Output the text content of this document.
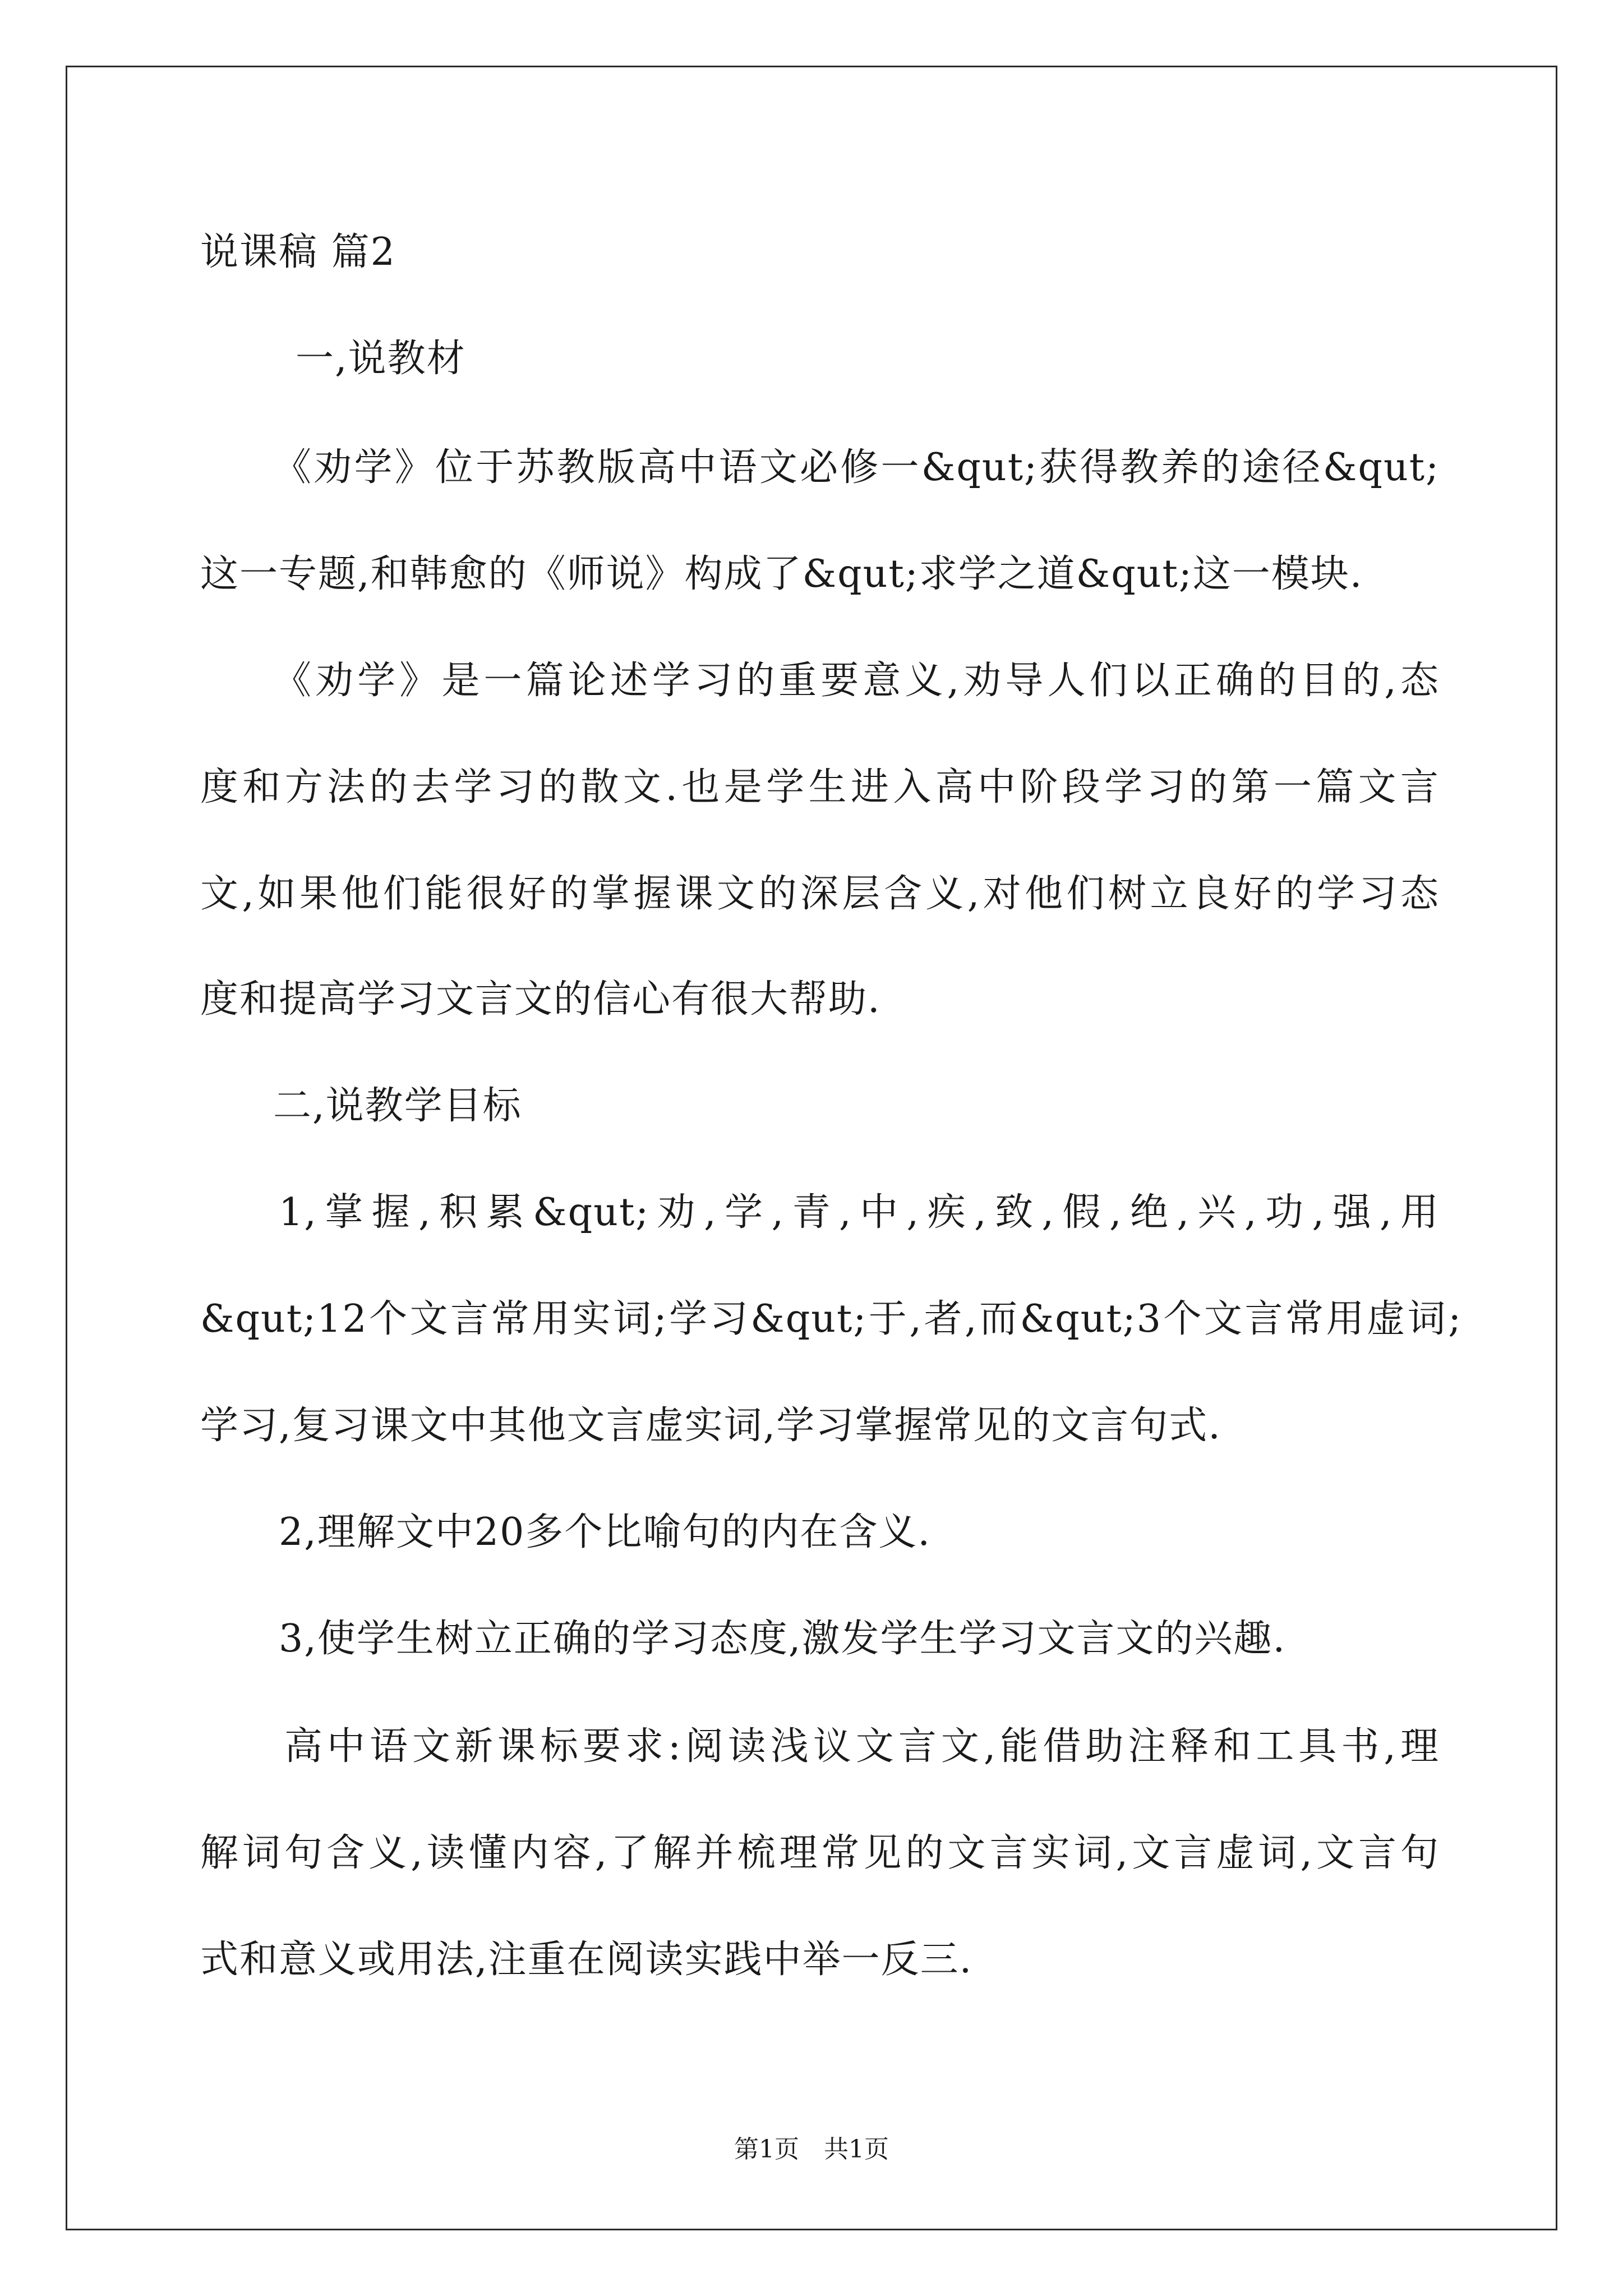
说课稿 篇2
一,说教材
《劝学》位于苏教版高中语文必修一&qut;获得教养的途径&qut;
这一专题,和韩愈的《师说》构成了&qut;求学之道&qut;这一模块.
《劝学》是一篇论述学习的重要意义,劝导人们以正确的目的,态
度和方法的去学习的散文.也是学生进入高中阶段学习的第一篇文言
文,如果他们能很好的掌握课文的深层含义,对他们树立良好的学习态
度和提高学习文言文的信心有很大帮助.
二,说教学目标
1,掌握,积累&qut;劝,学,青,中,疾,致,假,绝,兴,功,强,用
&qut;12个文言常用实词;学习&qut;于,者,而&qut;3个文言常用虚词;
学习,复习课文中其他文言虚实词,学习掌握常见的文言句式.
2,理解文中20多个比喻句的内在含义.
3,使学生树立正确的学习态度,激发学生学习文言文的兴趣.
高中语文新课标要求:阅读浅议文言文,能借助注释和工具书,理
解词句含义,读懂内容,了解并梳理常见的文言实词,文言虚词,文言句
式和意义或用法,注重在阅读实践中举一反三.
第1页　共1页
